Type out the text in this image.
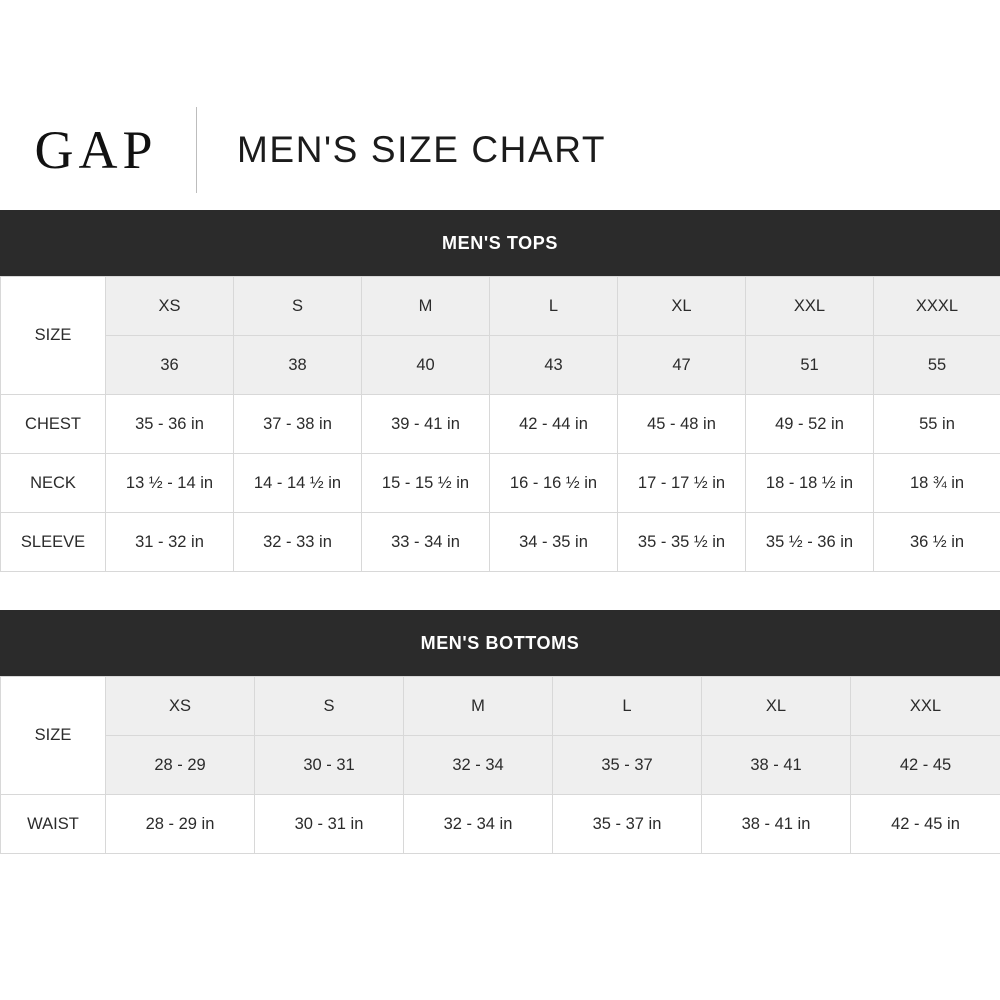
GAP MEN'S SIZE CHART
MEN'S TOPS
SIZE	XS	S	M	L	XL	XXL	XXXL
	36	38	40	43	47	51	55
CHEST	35 - 36 in	37 - 38 in	39 - 41 in	42 - 44 in	45 - 48 in	49 - 52 in	55 in
NECK	13 ½ - 14 in	14 - 14 ½ in	15 - 15 ½ in	16 - 16 ½ in	17 - 17 ½ in	18 - 18 ½ in	18 ¾ in
SLEEVE	31 - 32 in	32 - 33 in	33 - 34 in	34 - 35 in	35 - 35 ½ in	35 ½ - 36 in	36 ½ in
MEN'S BOTTOMS
SIZE	XS	S	M	L	XL	XXL
	28 - 29	30 - 31	32 - 34	35 - 37	38 - 41	42 - 45
WAIST	28 - 29 in	30 - 31 in	32 - 34 in	35 - 37 in	38 - 41 in	42 - 45 in
